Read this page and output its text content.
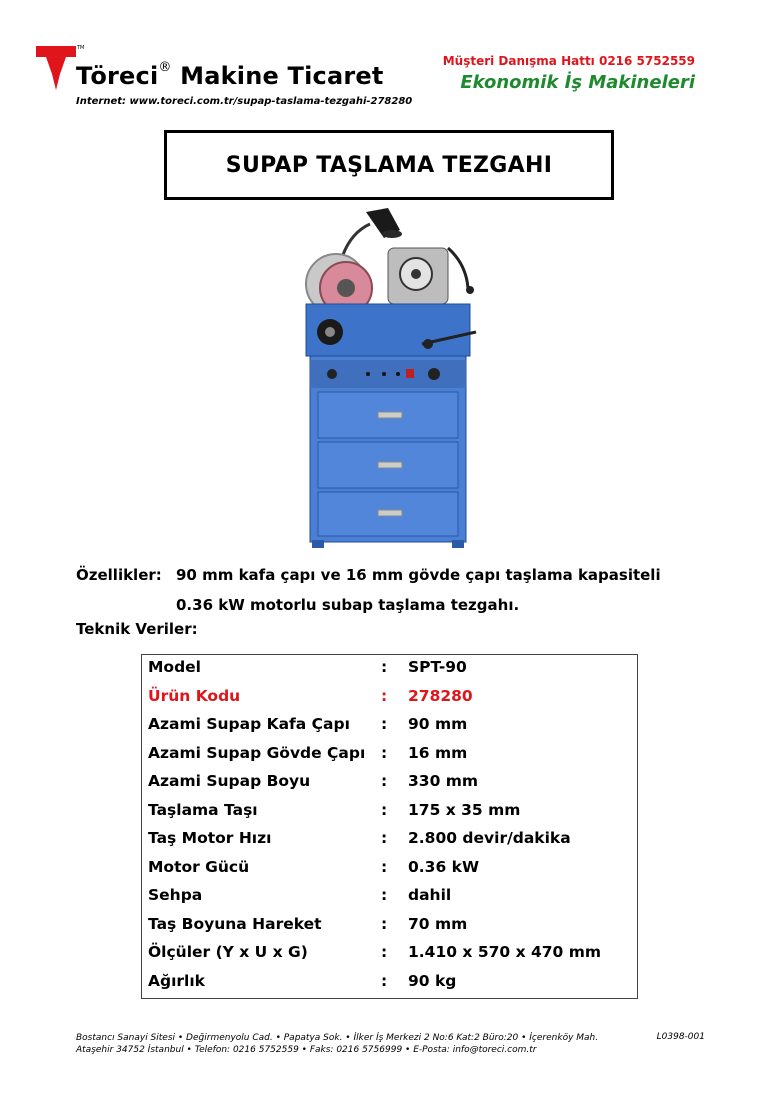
TM
Töreci® Makine Ticaret
Internet: www.toreci.com.tr/supap-taslama-tezgahi-278280
Müşteri Danışma Hattı 0216 5752559
Ekonomik İş Makineleri
SUPAP TAŞLAMA TEZGAHI
Özellikler: 90 mm kafa çapı ve 16 mm gövde çapı taşlama kapasiteli
0.36 kW motorlu subap taşlama tezgahı.
Teknik Veriler:
Model	:	SPT-90
Ürün Kodu	:	278280
Azami Supap Kafa Çapı	:	90 mm
Azami Supap Gövde Çapı	:	16 mm
Azami Supap Boyu	:	330 mm
Taşlama Taşı	:	175 x 35 mm
Taş Motor Hızı	:	2.800 devir/dakika
Motor Gücü	:	0.36 kW
Sehpa	:	dahil
Taş Boyuna Hareket	:	70 mm
Ölçüler (Y x U x G)	:	1.410 x 570 x 470 mm
Ağırlık	:	90 kg
Bostancı Sanayi Sitesi • Değirmenyolu Cad. • Papatya Sok. • İlker İş Merkezi 2 No:6 Kat:2 Büro:20 • İçerenköy Mah.
Ataşehir 34752 İstanbul • Telefon: 0216 5752559 • Faks: 0216 5756999 • E-Posta: info@toreci.com.tr
L0398-001
